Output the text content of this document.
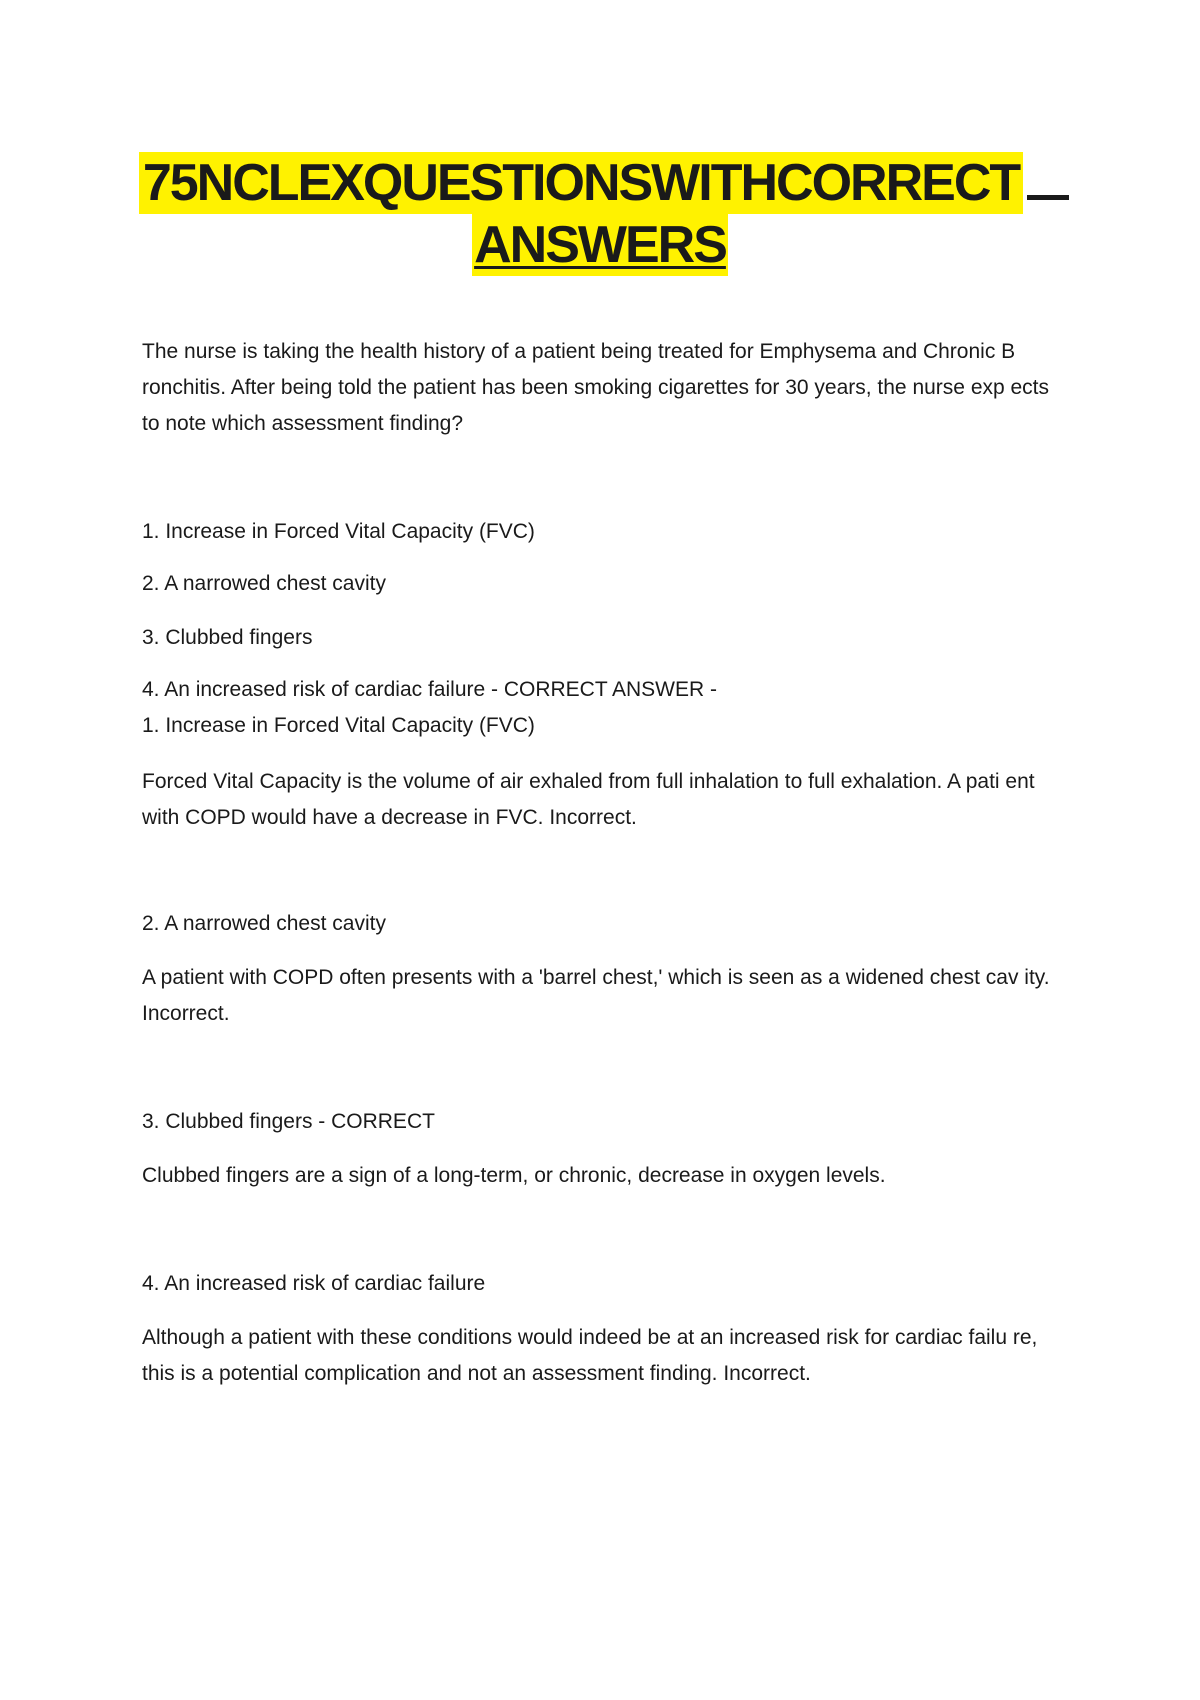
75NCLEXQUESTIONSWITHCORRECT
ANSWERS

The nurse is taking the health history of a patient being treated for Emphysema and Chronic B ronchitis. After being told the patient has been smoking cigarettes for 30 years, the nurse exp ects to note which assessment finding?

1. Increase in Forced Vital Capacity (FVC)

2. A narrowed chest cavity

3. Clubbed fingers

4. An increased risk of cardiac failure - CORRECT ANSWER -

1. Increase in Forced Vital Capacity (FVC)

Forced Vital Capacity is the volume of air exhaled from full inhalation to full exhalation. A pati ent with COPD would have a decrease in FVC. Incorrect.

2. A narrowed chest cavity

A patient with COPD often presents with a 'barrel chest,' which is seen as a widened chest cav ity. Incorrect.

3. Clubbed fingers - CORRECT

Clubbed fingers are a sign of a long-term, or chronic, decrease in oxygen levels.

4. An increased risk of cardiac failure

Although a patient with these conditions would indeed be at an increased risk for cardiac failu re, this is a potential complication and not an assessment finding. Incorrect.
